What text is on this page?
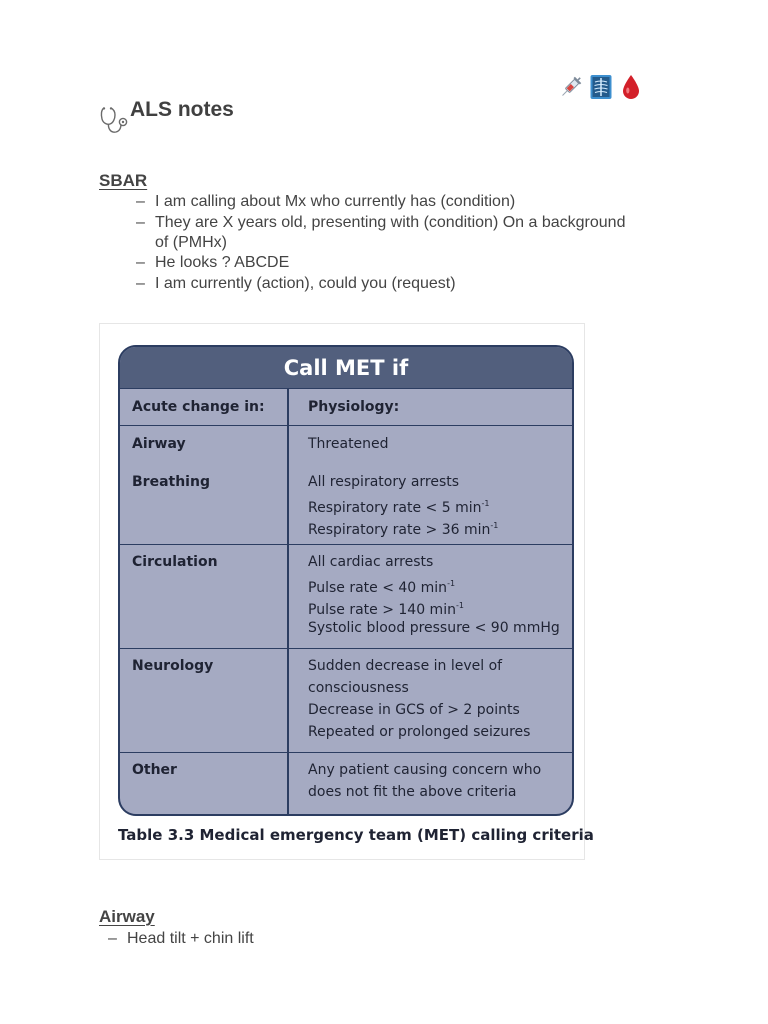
ALS notes
SBAR
– I am calling about Mx who currently has (condition)
– They are X years old, presenting with (condition) On a background
of (PMHx)
– He looks ? ABCDE
– I am currently (action), could you (request)
Call MET if
Acute change in:	Physiology:
Airway	Threatened
Breathing	All respiratory arrests
Respiratory rate < 5 $\min^{-1}$
Respiratory rate > 36 $\min^{-1}$
Circulation	All cardiac arrests
Pulse rate < 40 $\min^{-1}$
Pulse rate > 140 $\min^{-1}$
Systolic blood pressure < 90 mmHg
Neurology	Sudden decrease in level of
consciousness
Decrease in GCS of > 2 points
Repeated or prolonged seizures
Other	Any patient causing concern who
does not fit the above criteria
Table 3.3 Medical emergency team (MET) calling criteria
Airway
– Head tilt + chin lift
